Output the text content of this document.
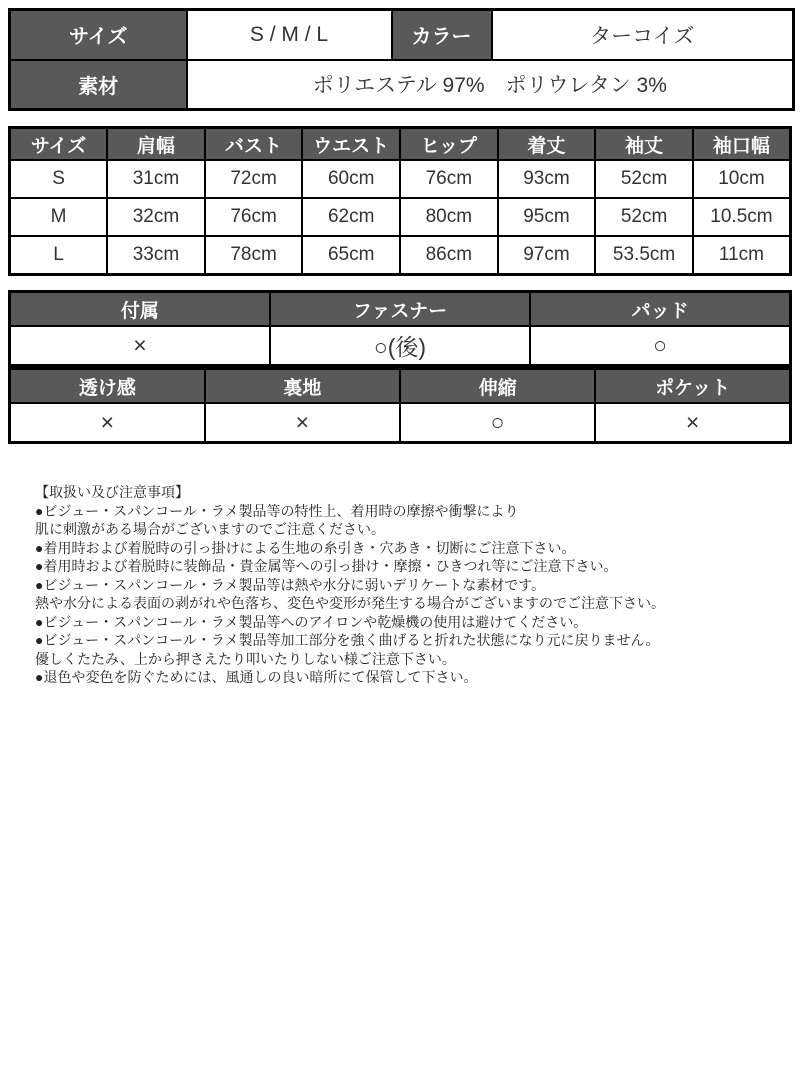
サイズ	S / M / L	カラー	ターコイズ
素材	ポリエステル 97%　ポリウレタン 3%		
サイズ	肩幅	バスト	ウエスト	ヒップ	着丈	袖丈	袖口幅
S	31cm	72cm	60cm	76cm	93cm	52cm	10cm
M	32cm	76cm	62cm	80cm	95cm	52cm	10.5cm
L	33cm	78cm	65cm	86cm	97cm	53.5cm	11cm
付属	ファスナー	パッド
×	○(後)	○
透け感	裏地	伸縮	ポケット
×	×	○	×
【取扱い及び注意事項】
●ビジュー・スパンコール・ラメ製品等の特性上、着用時の摩擦や衝撃により
肌に刺激がある場合がございますのでご注意ください。
●着用時および着脱時の引っ掛けによる生地の糸引き・穴あき・切断にご注意下さい。
●着用時および着脱時に装飾品・貴金属等への引っ掛け・摩擦・ひきつれ等にご注意下さい。
●ビジュー・スパンコール・ラメ製品等は熱や水分に弱いデリケートな素材です。
熱や水分による表面の剥がれや色落ち、変色や変形が発生する場合がございますのでご注意下さい。
●ビジュー・スパンコール・ラメ製品等へのアイロンや乾燥機の使用は避けてください。
●ビジュー・スパンコール・ラメ製品等加工部分を強く曲げると折れた状態になり元に戻りません。
優しくたたみ、上から押さえたり叩いたりしない様ご注意下さい。
●退色や変色を防ぐためには、風通しの良い暗所にて保管して下さい。
